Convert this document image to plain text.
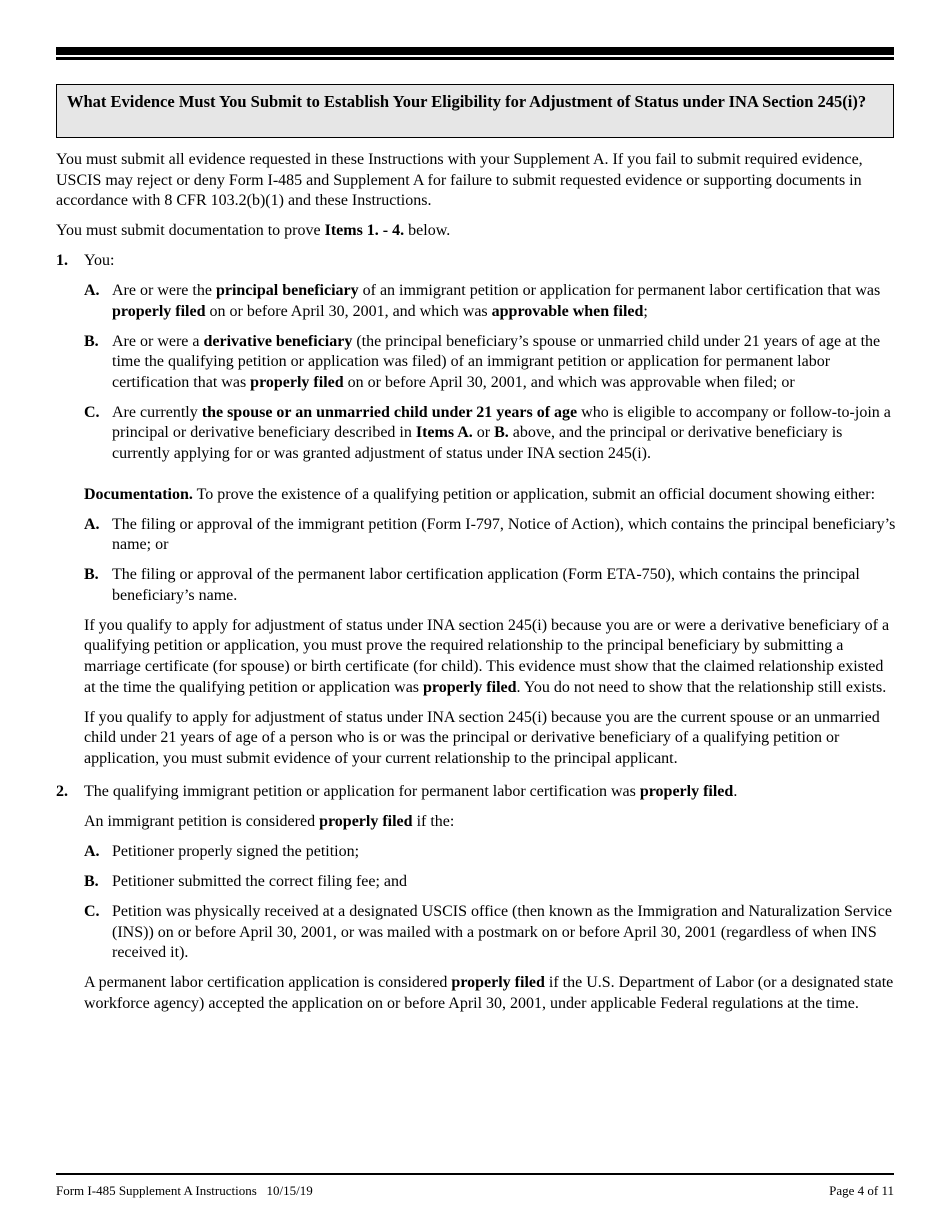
What Evidence Must You Submit to Establish Your Eligibility for Adjustment of Status under INA Section 245(i)?

You must submit all evidence requested in these Instructions with your Supplement A. If you fail to submit required evidence, USCIS may reject or deny Form I-485 and Supplement A for failure to submit requested evidence or supporting documents in accordance with 8 CFR 103.2(b)(1) and these Instructions.

You must submit documentation to prove Items 1. - 4. below.

1. You:
A. Are or were the principal beneficiary of an immigrant petition or application for permanent labor certification that was properly filed on or before April 30, 2001, and which was approvable when filed;
B. Are or were a derivative beneficiary (the principal beneficiary’s spouse or unmarried child under 21 years of age at the time the qualifying petition or application was filed) of an immigrant petition or application for permanent labor certification that was properly filed on or before April 30, 2001, and which was approvable when filed; or
C. Are currently the spouse or an unmarried child under 21 years of age who is eligible to accompany or follow-to-join a principal or derivative beneficiary described in Items A. or B. above, and the principal or derivative beneficiary is currently applying for or was granted adjustment of status under INA section 245(i).

Documentation. To prove the existence of a qualifying petition or application, submit an official document showing either:

A. The filing or approval of the immigrant petition (Form I-797, Notice of Action), which contains the principal beneficiary’s name; or
B. The filing or approval of the permanent labor certification application (Form ETA-750), which contains the principal beneficiary’s name.

If you qualify to apply for adjustment of status under INA section 245(i) because you are or were a derivative beneficiary of a qualifying petition or application, you must prove the required relationship to the principal beneficiary by submitting a marriage certificate (for spouse) or birth certificate (for child). This evidence must show that the claimed relationship existed at the time the qualifying petition or application was properly filed. You do not need to show that the relationship still exists.

If you qualify to apply for adjustment of status under INA section 245(i) because you are the current spouse or an unmarried child under 21 years of age of a person who is or was the principal or derivative beneficiary of a qualifying petition or application, you must submit evidence of your current relationship to the principal applicant.

2. The qualifying immigrant petition or application for permanent labor certification was properly filed.

An immigrant petition is considered properly filed if the:

A. Petitioner properly signed the petition;
B. Petitioner submitted the correct filing fee; and
C. Petition was physically received at a designated USCIS office (then known as the Immigration and Naturalization Service (INS)) on or before April 30, 2001, or was mailed with a postmark on or before April 30, 2001 (regardless of when INS received it).

A permanent labor certification application is considered properly filed if the U.S. Department of Labor (or a designated state workforce agency) accepted the application on or before April 30, 2001, under applicable Federal regulations at the time.

Form I-485 Supplement A Instructions   10/15/19	Page 4 of 11
